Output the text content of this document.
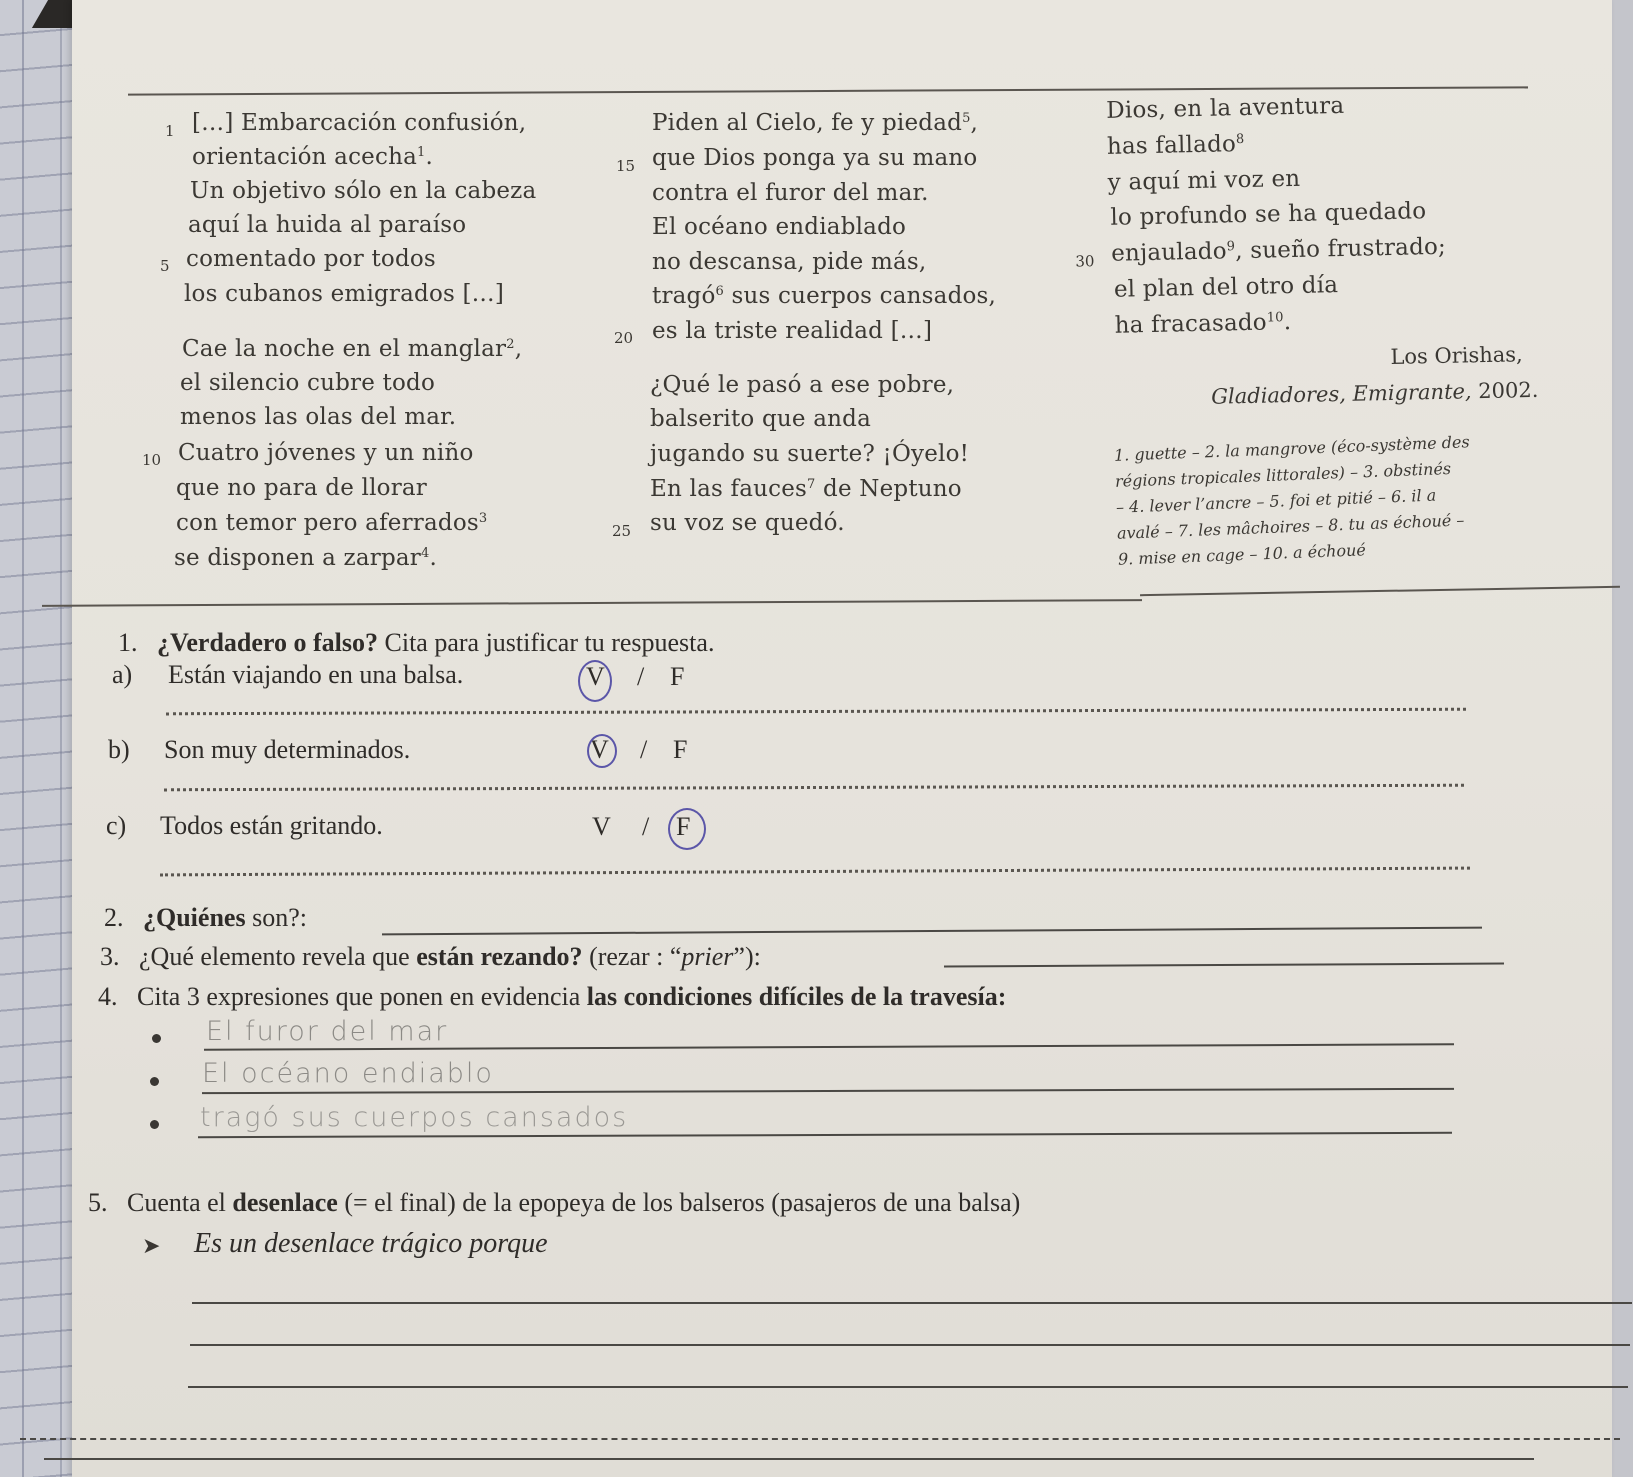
1 […] Embarcación confusión,
orientación acecha$^1$.
Un objetivo sólo en la cabeza
aquí la huida al paraíso
5 comentado por todos
los cubanos emigrados […]
Cae la noche en el manglar$^2$,
el silencio cubre todo
menos las olas del mar.
10 Cuatro jóvenes y un niño
que no para de llorar
con temor pero aferrados$^3$
se disponen a zarpar$^4$.
Piden al Cielo, fe y piedad$^5$,
15 que Dios ponga ya su mano
contra el furor del mar.
El océano endiablado
no descansa, pide más,
tragó$^6$ sus cuerpos cansados,
20 es la triste realidad […]
¿Qué le pasó a ese pobre,
balserito que anda
jugando su suerte? ¡Óyelo!
En las fauces$^7$ de Neptuno
25 su voz se quedó.
Dios, en la aventura
has fallado$^8$
y aquí mi voz en
lo profundo se ha quedado
30 enjaulado$^9$, sueño frustrado;
el plan del otro día
ha fracasado$^{10}$.
Los Orishas,
Gladiadores, Emigrante, 2002.
1. guette – 2. la mangrove (éco-système des
régions tropicales littorales) – 3. obstinés
– 4. lever l’ancre – 5. foi et pitié – 6. il a
avalé – 7. les mâchoires – 8. tu as échoué –
9. mise en cage – 10. a échoué
1. ¿Verdadero o falso? Cita para justificar tu respuesta.
a) Están viajando en una balsa.	V / F
b) Son muy determinados.	V / F
c) Todos están gritando.	V / F
2. ¿Quiénes son?:
3. ¿Qué elemento revela que están rezando? (rezar : “prier”):
4. Cita 3 expresiones que ponen en evidencia las condiciones difíciles de la travesía:
El furor del mar
El océano endiablo
tragó sus cuerpos cansados
5. Cuenta el desenlace (= el final) de la epopeya de los balseros (pasajeros de una balsa)
➤ Es un desenlace trágico porque
